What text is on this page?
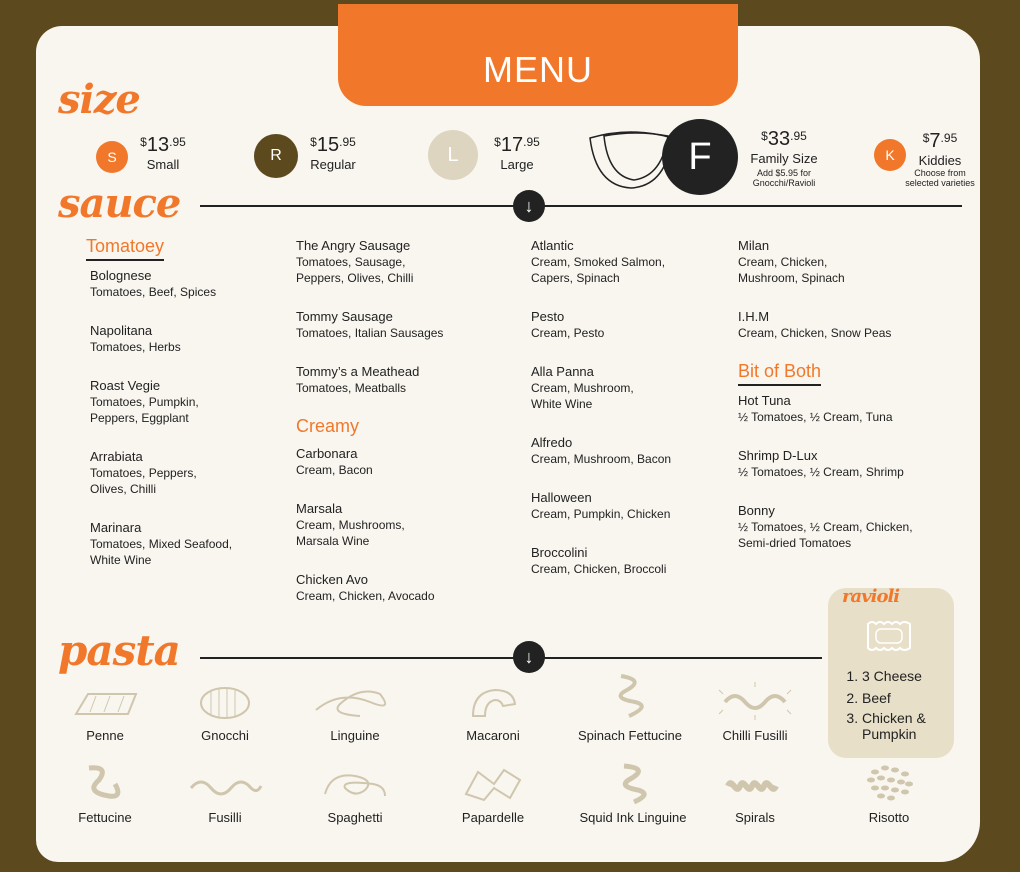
MENU
size
S
$^{\$}13^{.95}$
Small
R
$^{\$}15^{.95}$
Regular	L
$^{\$}17^{.95}$
Large	F	$^{\$}33^{.95}$
Family Size
Add $5.95 for Gnocchi/Ravioli
K
$^{\$}7^{.95}$
Kiddies
Choose from selected varieties
sauce	↓
Tomatoey
Bolognese
Tomatoes, Beef, Spices
Napolitana
Tomatoes, Herbs
Roast Vegie
Tomatoes, Pumpkin, Peppers, Eggplant
Arrabiata
Tomatoes, Peppers, Olives, Chilli
Marinara
Tomatoes, Mixed Seafood, White Wine
The Angry Sausage
Tomatoes, Sausage, Peppers, Olives, Chilli
Tommy Sausage
Tomatoes, Italian Sausages
Tommy’s a Meathead
Tomatoes, Meatballs
Creamy
Carbonara
Cream, Bacon
Marsala
Cream, Mushrooms, Marsala Wine
Chicken Avo
Cream, Chicken, Avocado
Atlantic
Cream, Smoked Salmon, Capers, Spinach
Pesto
Cream, Pesto
Alla Panna
Cream, Mushroom, White Wine
Alfredo
Cream, Mushroom, Bacon
Halloween
Cream, Pumpkin, Chicken
Broccolini
Cream, Chicken, Broccoli
Milan
Cream, Chicken, Mushroom, Spinach
I.H.M
Cream, Chicken, Snow Peas
Bit of Both
Hot Tuna
½ Tomatoes, ½ Cream, Tuna
Shrimp D-Lux
½ Tomatoes, ½ Cream, Shrimp
Bonny
½ Tomatoes, ½ Cream, Chicken, Semi-dried Tomatoes
pasta	↓
Penne	Gnocchi	Linguine	Macaroni	Spinach Fettucine	Chilli Fusilli
Fettucine	Fusilli	Spaghetti	Papardelle	Squid Ink Linguine	Spirals	Risotto
ravioli
1. 3 Cheese
2. Beef
3. Chicken & Pumpkin
